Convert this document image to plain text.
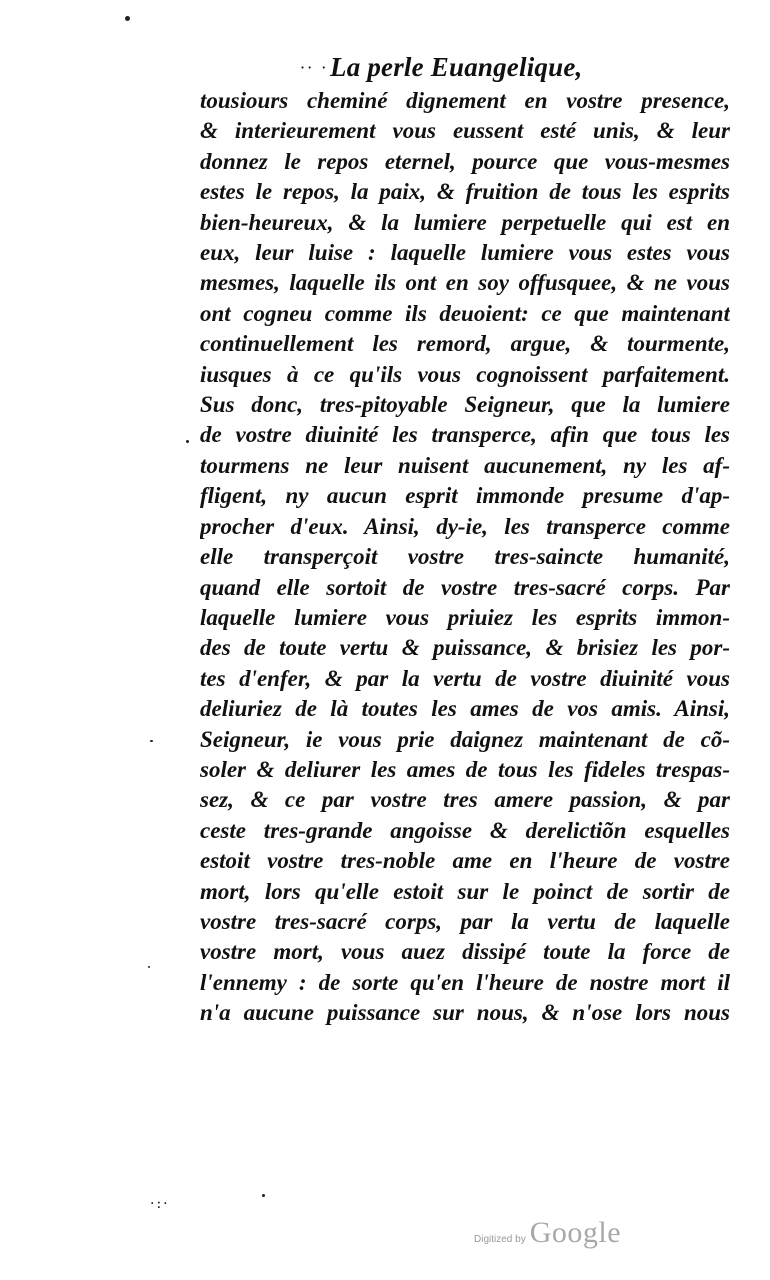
·· · La perle Euangelique,
tousiours cheminé dignement en vostre presence,
& interieurement vous eussent esté unis, & leur
donnez le repos eternel, pource que vous-mesmes
estes le repos, la paix, & fruition de tous les esprits
bien-heureux, & la lumiere perpetuelle qui est en
eux, leur luise : laquelle lumiere vous estes vous
mesmes, laquelle ils ont en soy offusquee, & ne vous
ont cogneu comme ils deuoient: ce que maintenant
continuellement les remord, argue, & tourmente,
iusques à ce qu'ils vous cognoissent parfaitement.
Sus donc, tres-pitoyable Seigneur, que la lumiere
de vostre diuinité les transperce, afin que tous les
tourmens ne leur nuisent aucunement, ny les af-
fligent, ny aucun esprit immonde presume d'ap-
procher d'eux. Ainsi, dy-ie, les transperce comme
elle transperçoit vostre tres-saincte humanité,
quand elle sortoit de vostre tres-sacré corps. Par
laquelle lumiere vous priuiez les esprits immon-
des de toute vertu & puissance, & brisiez les por-
tes d'enfer, & par la vertu de vostre diuinité vous
deliuriez de là toutes les ames de vos amis. Ainsi,
Seigneur, ie vous prie daignez maintenant de cõ-
soler & deliurer les ames de tous les fideles trespas-
sez, & ce par vostre tres amere passion, & par
ceste tres-grande angoisse & derelictiõn esquelles
estoit vostre tres-noble ame en l'heure de vostre
mort, lors qu'elle estoit sur le poinct de sortir de
vostre tres-sacré corps, par la vertu de laquelle
vostre mort, vous auez dissipé toute la force de
l'ennemy : de sorte qu'en l'heure de nostre mort il
n'a aucune puissance sur nous, & n'ose lors nous
·:·
Digitized by Google
